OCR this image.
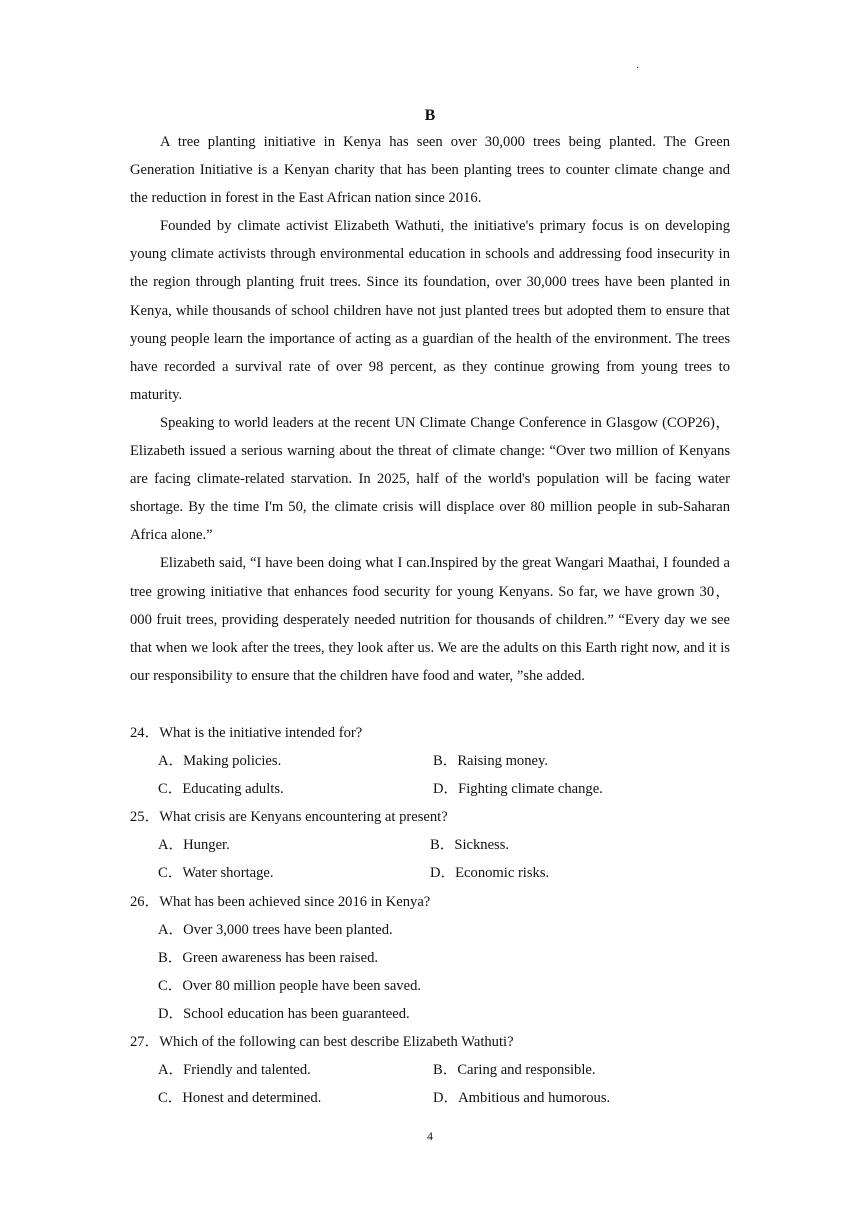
·
B

A tree planting initiative in Kenya has seen over 30,000 trees being planted. The Green Generation Initiative is a Kenyan charity that has been planting trees to counter climate change and the reduction in forest in the East African nation since 2016.

Founded by climate activist Elizabeth Wathuti, the initiative's primary focus is on developing young climate activists through environmental education in schools and addressing food insecurity in the region through planting fruit trees. Since its foundation, over 30,000 trees have been planted in Kenya, while thousands of school children have not just planted trees but adopted them to ensure that young people learn the importance of acting as a guardian of the health of the environment. The trees have recorded a survival rate of over 98 percent, as they continue growing from young trees to maturity.

Speaking to world leaders at the recent UN Climate Change Conference in Glasgow (COP26)，Elizabeth issued a serious warning about the threat of climate change: “Over two million of Kenyans are facing climate-related starvation. In 2025, half of the world's population will be facing water shortage. By the time I'm 50, the climate crisis will displace over 80 million people in sub-Saharan Africa alone.”

Elizabeth said, “I have been doing what I can.Inspired by the great Wangari Maathai, I founded a tree growing initiative that enhances food security for young Kenyans. So far, we have grown 30， 000 fruit trees, providing desperately needed nutrition for thousands of children.” “Every day we see that when we look after the trees, they look after us. We are the adults on this Earth right now, and it is our responsibility to ensure that the children have food and water, ”she added.

24．What is the initiative intended for?
A．Making policies.	B．Raising money.
C．Educating adults.	D．Fighting climate change.
25．What crisis are Kenyans encountering at present?
A．Hunger.	B．Sickness.
C．Water shortage.	D．Economic risks.
26．What has been achieved since 2016 in Kenya?
A．Over 3,000 trees have been planted.
B．Green awareness has been raised.
C．Over 80 million people have been saved.
D．School education has been guaranteed.
27．Which of the following can best describe Elizabeth Wathuti?
A．Friendly and talented.	B．Caring and responsible.
C．Honest and determined.	D．Ambitious and humorous.
4
